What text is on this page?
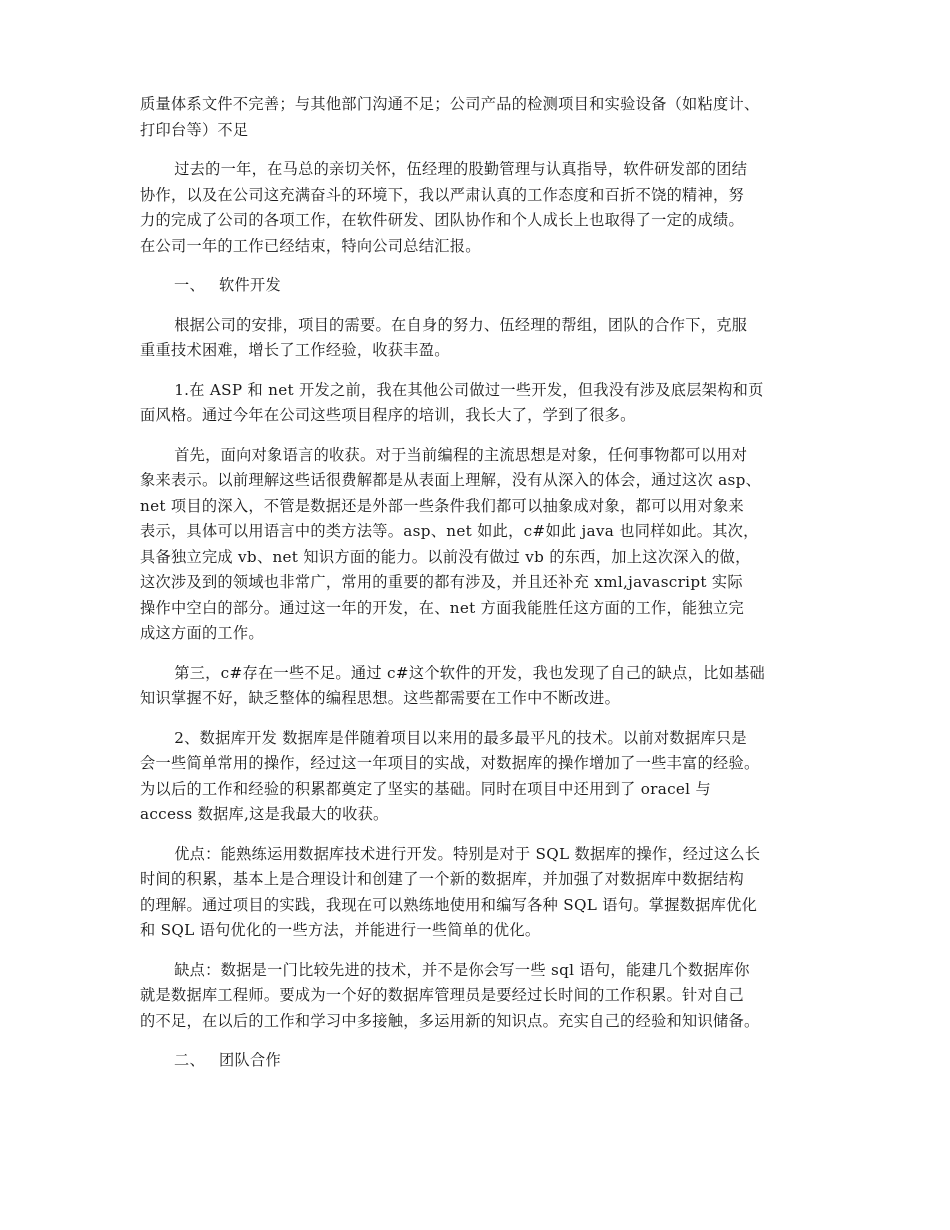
质量体系文件不完善；与其他部门沟通不足；公司产品的检测项目和实验设备（如粘度计、
打印台等）不足

过去的一年，在马总的亲切关怀，伍经理的股勤管理与认真指导，软件研发部的团结
协作，以及在公司这充满奋斗的环境下，我以严肃认真的工作态度和百折不饶的精神，努
力的完成了公司的各项工作，在软件研发、团队协作和个人成长上也取得了一定的成绩。
在公司一年的工作已经结束，特向公司总结汇报。

一、 软件开发

根据公司的安排，项目的需要。在自身的努力、伍经理的帮组，团队的合作下，克服
重重技术困难，增长了工作经验，收获丰盈。

1.在 ASP 和 net 开发之前，我在其他公司做过一些开发，但我没有涉及底层架构和页
面风格。通过今年在公司这些项目程序的培训，我长大了，学到了很多。

首先，面向对象语言的收获。对于当前编程的主流思想是对象，任何事物都可以用对
象来表示。以前理解这些话很费解都是从表面上理解，没有从深入的体会，通过这次 asp、
net 项目的深入，不管是数据还是外部一些条件我们都可以抽象成对象，都可以用对象来
表示，具体可以用语言中的类方法等。asp、net 如此，c#如此 java 也同样如此。其次，
具备独立完成 vb、net 知识方面的能力。以前没有做过 vb 的东西，加上这次深入的做，
这次涉及到的领域也非常广，常用的重要的都有涉及，并且还补充 xml,javascript 实际
操作中空白的部分。通过这一年的开发，在、net 方面我能胜任这方面的工作，能独立完
成这方面的工作。

第三，c#存在一些不足。通过 c#这个软件的开发，我也发现了自己的缺点，比如基础
知识掌握不好，缺乏整体的编程思想。这些都需要在工作中不断改进。

2、数据库开发 数据库是伴随着项目以来用的最多最平凡的技术。以前对数据库只是
会一些简单常用的操作，经过这一年项目的实战，对数据库的操作增加了一些丰富的经验。
为以后的工作和经验的积累都奠定了坚实的基础。同时在项目中还用到了 oracel 与
access 数据库,这是我最大的收获。

优点：能熟练运用数据库技术进行开发。特别是对于 SQL 数据库的操作，经过这么长
时间的积累，基本上是合理设计和创建了一个新的数据库，并加强了对数据库中数据结构
的理解。通过项目的实践，我现在可以熟练地使用和编写各种 SQL 语句。掌握数据库优化
和 SQL 语句优化的一些方法，并能进行一些简单的优化。

缺点：数据是一门比较先进的技术，并不是你会写一些 sql 语句，能建几个数据库你
就是数据库工程师。要成为一个好的数据库管理员是要经过长时间的工作积累。针对自己
的不足，在以后的工作和学习中多接触，多运用新的知识点。充实自己的经验和知识储备。

二、 团队合作
